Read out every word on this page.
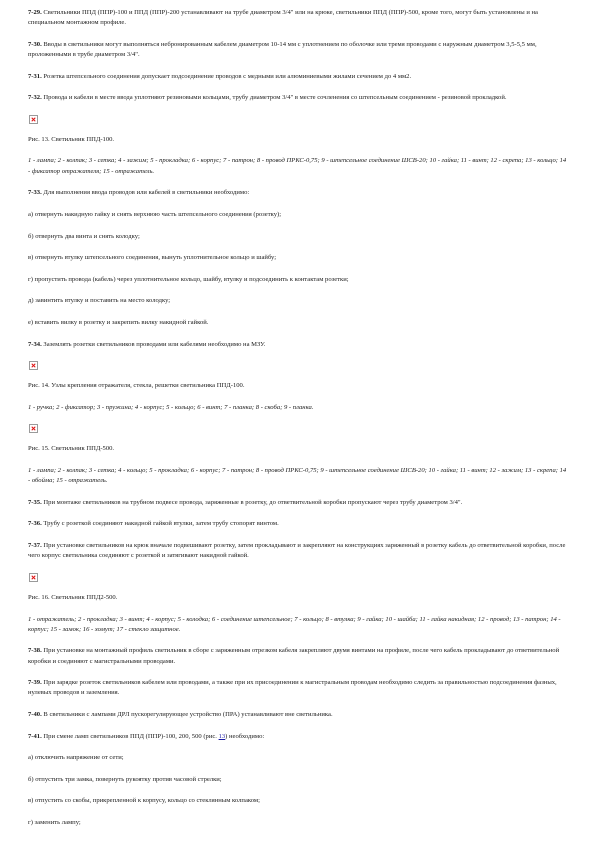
7-29. Светильники ППД (ППР)-100 и ППД (ППР)-200 устанавливают на трубе диаметром 3/4" или на крюке, светильники ППД (ППР)-500, кроме того, могут быть установлены и на специальном монтажном профиле.

7-30. Вводы в светильники могут выполняться небронированным кабелем диаметром 10-14 мм с уплотнением по оболочке или тремя проводами с наружным диаметром 3,5-5,5 мм, проложенными в трубе диаметром 3/4".

7-31. Розетка штепсельного соединения допускает подсоединение проводов с медными или алюминиевыми жилами сечением до 4 мм2.

7-32. Провода и кабели в месте ввода уплотняют резиновыми кольцами, трубу диаметром 3/4" в месте сочленения со штепсельным соединением - резиновой прокладкой.

Рис. 13. Светильник ППД-100.

1 - лампа; 2 - колпак; 3 - сетка; 4 - зажим; 5 - прокладка; 6 - корпус; 7 - патрон; 8 - провод ПРКС-0,75; 9 - штепсельное соединение ШСВ-20; 10 - гайка; 11 - винт; 12 - скрепа; 13 - кольцо; 14 - фиксатор отражателя; 15 - отражатель.

7-33. Для выполнения ввода проводов или кабелей в светильники необходимо:

а) отвернуть накидную гайку и снять верхнюю часть штепсельного соединения (розетку);

б) отвернуть два винта и снять колодку;

в) отвернуть втулку штепсельного соединения, вынуть уплотнительное кольцо и шайбу;

г) пропустить провода (кабель) через уплотнительное кольцо, шайбу, втулку и подсоединить к контактам розетки;

д) завинтить втулку и поставить на место колодку;

е) вставить вилку в розетку и закрепить вилку накидной гайкой.

7-34. Заземлять розетки светильников проводами или кабелями необходимо на МЗУ.

Рис. 14. Узлы крепления отражателя, стекла, решетки светильника ППД-100.

1 - ручка; 2 - фиксатор; 3 - пружина; 4 - корпус; 5 - кольцо; 6 - винт; 7 - планка; 8 - скоба; 9 - планка.

Рис. 15. Светильник ППД-500.

1 - лампа; 2 - колпак; 3 - сетка; 4 - кольцо; 5 - прокладка; 6 - корпус; 7 - патрон; 8 - провод ПРКС-0,75; 9 - штепсельное соединение ШСВ-20; 10 - гайка; 11 - винт; 12 - зажим; 13 - скрепа; 14 - обойма; 15 - отражатель.

7-35. При монтаже светильников на трубном подвесе провода, заряженные в розетку, до ответвительной коробки пропускают через трубу диаметром 3/4".

7-36. Трубу с розеткой соединяют накидной гайкой втулки, затем трубу стопорят винтом.

7-37. При установке светильников на крюк вначале подвешивают розетку, затем прокладывают и закрепляют на конструкциях заряженный в розетку кабель до ответвительной коробки, после чего корпус светильника соединяют с розеткой и затягивают накидной гайкой.

Рис. 16. Светильник ППД2-500.

1 - отражатель; 2 - прокладка; 3 - винт; 4 - корпус; 5 - колодка; 6 - соединение штепсельное; 7 - кольцо; 8 - втулка; 9 - гайка; 10 - шайба; 11 - гайка накидная; 12 - провод; 13 - патрон; 14 - корпус; 15 - замок; 16 - хомут; 17 - стекло защитное.

7-38. При установке на монтажный профиль светильник в сборе с заряженным отрезком кабеля закрепляют двумя винтами на профиле, после чего кабель прокладывают до ответвительной коробки и соединяют с магистральными проводами.

7-39. При зарядке розеток светильников кабелем или проводами, а также при их присоединении к магистральным проводам необходимо следить за правильностью подсоединения фазных, нулевых проводов и заземления.

7-40. В светильники с лампами ДРЛ пускорегулирующее устройство (ПРА) устанавливают вне светильника.

7-41. При смене ламп светильников ППД (ППР)-100, 200, 500 (рис. 13) необходимо:

а) отключить напряжение от сети;

б) отпустить три замка, повернуть рукоятку против часовой стрелки;

в) отпустить со скобы, прикрепленной к корпусу, кольцо со стеклянным колпаком;

г) заменить лампу;
